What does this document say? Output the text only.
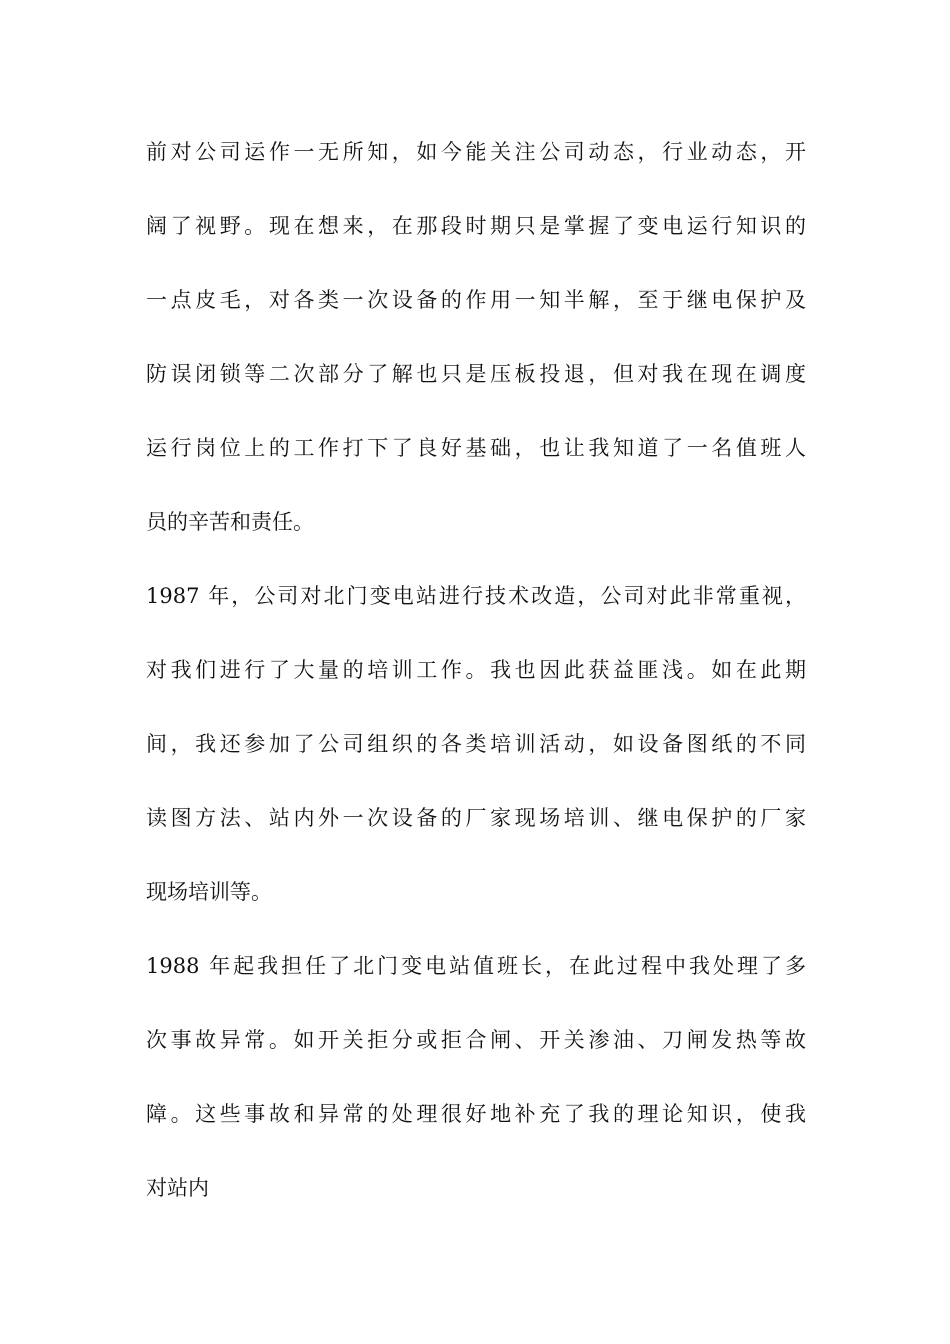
前对公司运作一无所知，如今能关注公司动态，行业动态，开
阔了视野。现在想来，在那段时期只是掌握了变电运行知识的
一点皮毛，对各类一次设备的作用一知半解，至于继电保护及
防误闭锁等二次部分了解也只是压板投退，但对我在现在调度
运行岗位上的工作打下了良好基础，也让我知道了一名值班人
员的辛苦和责任。
1987 年，公司对北门变电站进行技术改造，公司对此非常重视，
对我们进行了大量的培训工作。我也因此获益匪浅。如在此期
间，我还参加了公司组织的各类培训活动，如设备图纸的不同
读图方法、站内外一次设备的厂家现场培训、继电保护的厂家
现场培训等。
1988 年起我担任了北门变电站值班长，在此过程中我处理了多
次事故异常。如开关拒分或拒合闸、开关渗油、刀闸发热等故
障。这些事故和异常的处理很好地补充了我的理论知识，使我
对站内
